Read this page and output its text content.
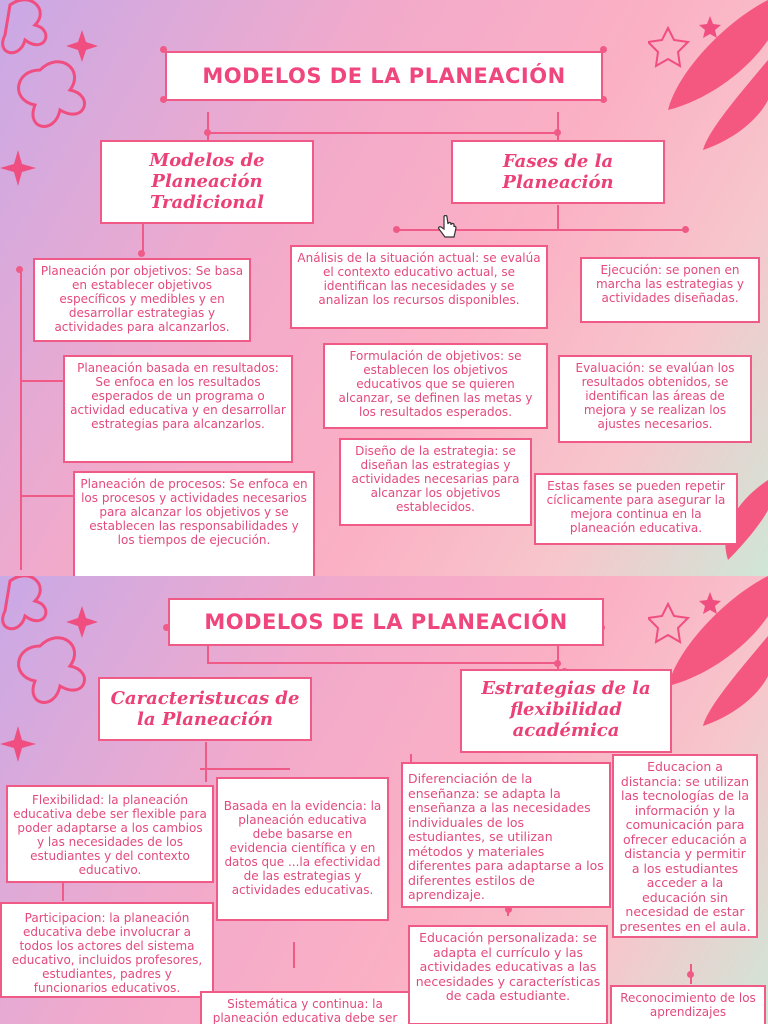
MODELOS DE LA PLANEACIÓN
Modelos de Planeación Tradicional
Fases de la Planeación
Planeación por objetivos: Se basa en establecer objetivos específicos y medibles y en desarrollar estrategias y actividades para alcanzarlos.
Planeación basada en resultados: Se enfoca en los resultados esperados de un programa o actividad educativa y en desarrollar estrategias para alcanzarlos.
Planeación de procesos: Se enfoca en los procesos y actividades necesarios para alcanzar los objetivos y se establecen las responsabilidades y los tiempos de ejecución.
Análisis de la situación actual: se evalúa el contexto educativo actual, se identifican las necesidades y se analizan los recursos disponibles.
Formulación de objetivos: se establecen los objetivos educativos que se quieren alcanzar, se definen las metas y los resultados esperados.
Diseño de la estrategia: se diseñan las estrategias y actividades necesarias para alcanzar los objetivos establecidos.
Ejecución: se ponen en marcha las estrategias y actividades diseñadas.
Evaluación: se evalúan los resultados obtenidos, se identifican las áreas de mejora y se realizan los ajustes necesarios.
Estas fases se pueden repetir cíclicamente para asegurar la mejora continua en la planeación educativa.
MODELOS DE LA PLANEACIÓN
Caracteristucas de la Planeación
Estrategias de la flexibilidad académica
Flexibilidad: la planeación educativa debe ser flexible para poder adaptarse a los cambios y las necesidades de los estudiantes y del contexto educativo.
Basada en la evidencia: la planeación educativa debe basarse en evidencia científica y en datos que ...la efectividad de las estrategias y actividades educativas.
Participacion: la planeación educativa debe involucrar a todos los actores del sistema educativo, incluidos profesores, estudiantes, padres y funcionarios educativos.
Sistemática y continua: la planeación educativa debe ser
Diferenciación de la enseñanza: se adapta la enseñanza a las necesidades individuales de los estudiantes, se utilizan métodos y materiales diferentes para adaptarse a los diferentes estilos de aprendizaje.
Educacion a distancia: se utilizan las tecnologías de la información y la comunicación para ofrecer educación a distancia y permitir a los estudiantes acceder a la educación sin necesidad de estar presentes en el aula.
Educación personalizada: se adapta el currículo y las actividades educativas a las necesidades y características de cada estudiante.	Reconocimiento de los aprendizajes
